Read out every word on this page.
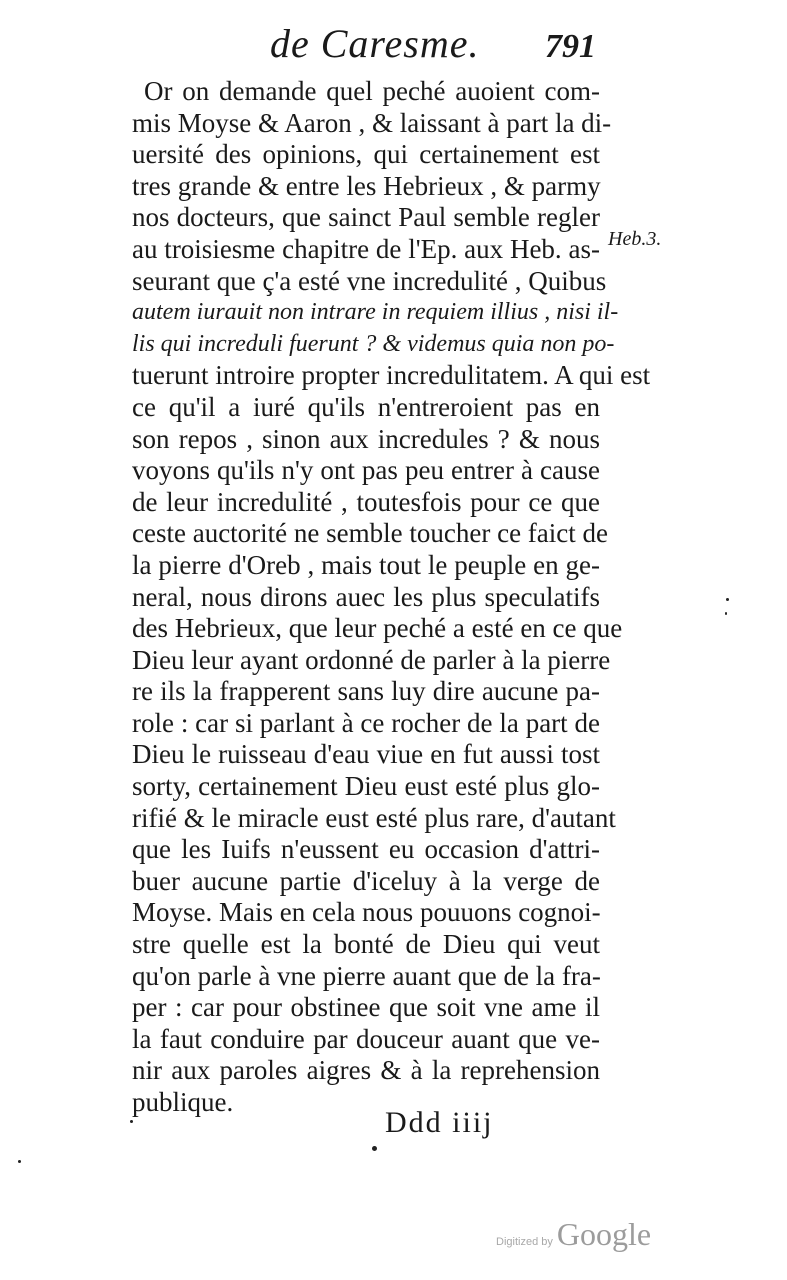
de Caresme. 791
Heb.3.
Or on demande quel peché auoient com-
mis Moyse & Aaron , & laissant à part la di-
uersité des opinions, qui certainement est
tres grande & entre les Hebrieux , & parmy
nos docteurs, que sainct Paul semble regler
au troisiesme chapitre de l'Ep. aux Heb. as-
seurant que ç'a esté vne incredulité , Quibus
autem iurauit non intrare in requiem illius , nisi il-
lis qui increduli fuerunt ? & videmus quia non po-
tuerunt introire propter incredulitatem. A qui est
ce qu'il a iuré qu'ils n'entreroient pas en
son repos , sinon aux incredules ? & nous
voyons qu'ils n'y ont pas peu entrer à cause
de leur incredulité , toutesfois pour ce que
ceste auctorité ne semble toucher ce faict de
la pierre d'Oreb , mais tout le peuple en ge-
neral, nous dirons auec les plus speculatifs
des Hebrieux, que leur peché a esté en ce que
Dieu leur ayant ordonné de parler à la pierre
re ils la frapperent sans luy dire aucune pa-
role : car si parlant à ce rocher de la part de
Dieu le ruisseau d'eau viue en fut aussi tost
sorty, certainement Dieu eust esté plus glo-
rifié & le miracle eust esté plus rare, d'autant
que les Iuifs n'eussent eu occasion d'attri-
buer aucune partie d'iceluy à la verge de
Moyse. Mais en cela nous pouuons cognoi-
stre quelle est la bonté de Dieu qui veut
qu'on parle à vne pierre auant que de la fra-
per : car pour obstinee que soit vne ame il
la faut conduire par douceur auant que ve-
nir aux paroles aigres & à la reprehension
publique.
Ddd iiij
Digitized by Google
